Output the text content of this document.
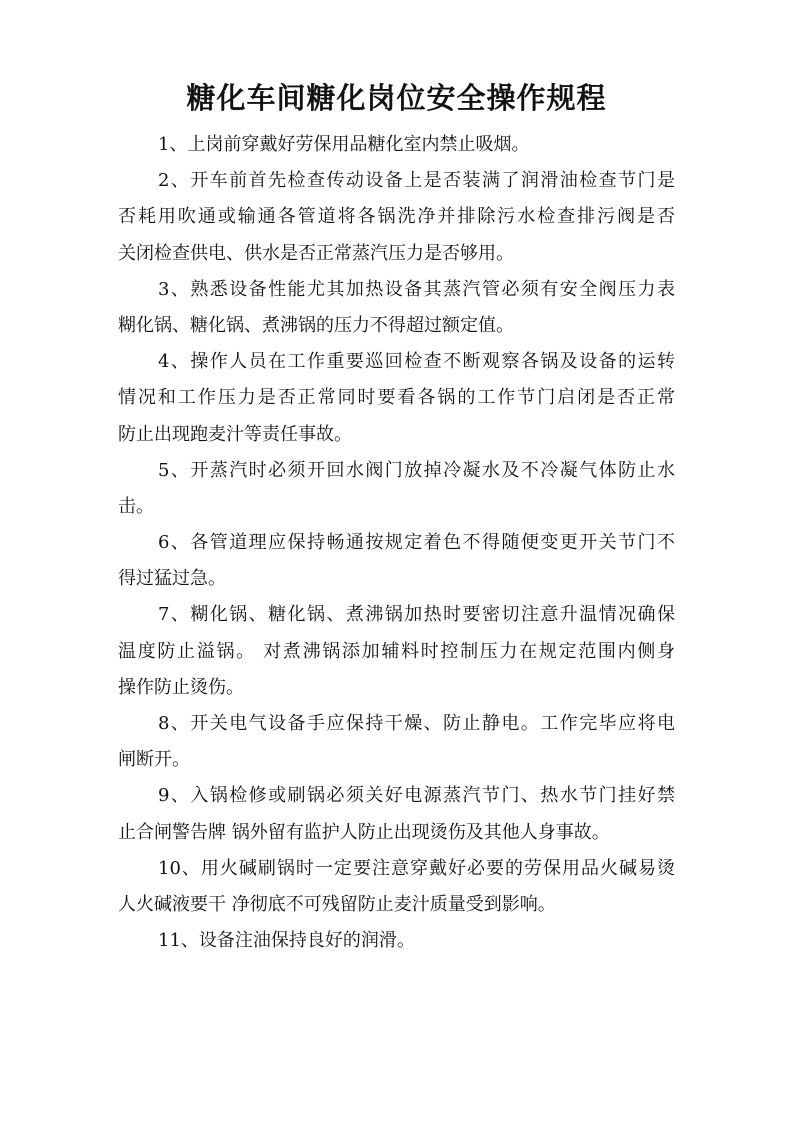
糖化车间糖化岗位安全操作规程
1、上岗前穿戴好劳保用品糖化室内禁止吸烟。
2、开车前首先检查传动设备上是否装满了润滑油检查节门是
否耗用吹通或输通各管道将各锅洗净并排除污水检查排污阀是否
关闭检查供电、供水是否正常蒸汽压力是否够用。
3、熟悉设备性能尤其加热设备其蒸汽管必须有安全阀压力表
糊化锅、糖化锅、煮沸锅的压力不得超过额定值。
4、操作人员在工作重要巡回检查不断观察各锅及设备的运转
情况和工作压力是否正常同时要看各锅的工作节门启闭是否正常
防止出现跑麦汁等责任事故。
5、开蒸汽时必须开回水阀门放掉冷凝水及不冷凝气体防止水
击。
6、各管道理应保持畅通按规定着色不得随便变更开关节门不
得过猛过急。
7、糊化锅、糖化锅、煮沸锅加热时要密切注意升温情况确保
温度防止溢锅。 对煮沸锅添加辅料时控制压力在规定范围内侧身
操作防止烫伤。
8、开关电气设备手应保持干燥、防止静电。工作完毕应将电
闸断开。
9、入锅检修或刷锅必须关好电源蒸汽节门、热水节门挂好禁
止合闸警告牌 锅外留有监护人防止出现烫伤及其他人身事故。
10、用火碱刷锅时一定要注意穿戴好必要的劳保用品火碱易烫
人火碱液要干 净彻底不可残留防止麦汁质量受到影响。
11、设备注油保持良好的润滑。
